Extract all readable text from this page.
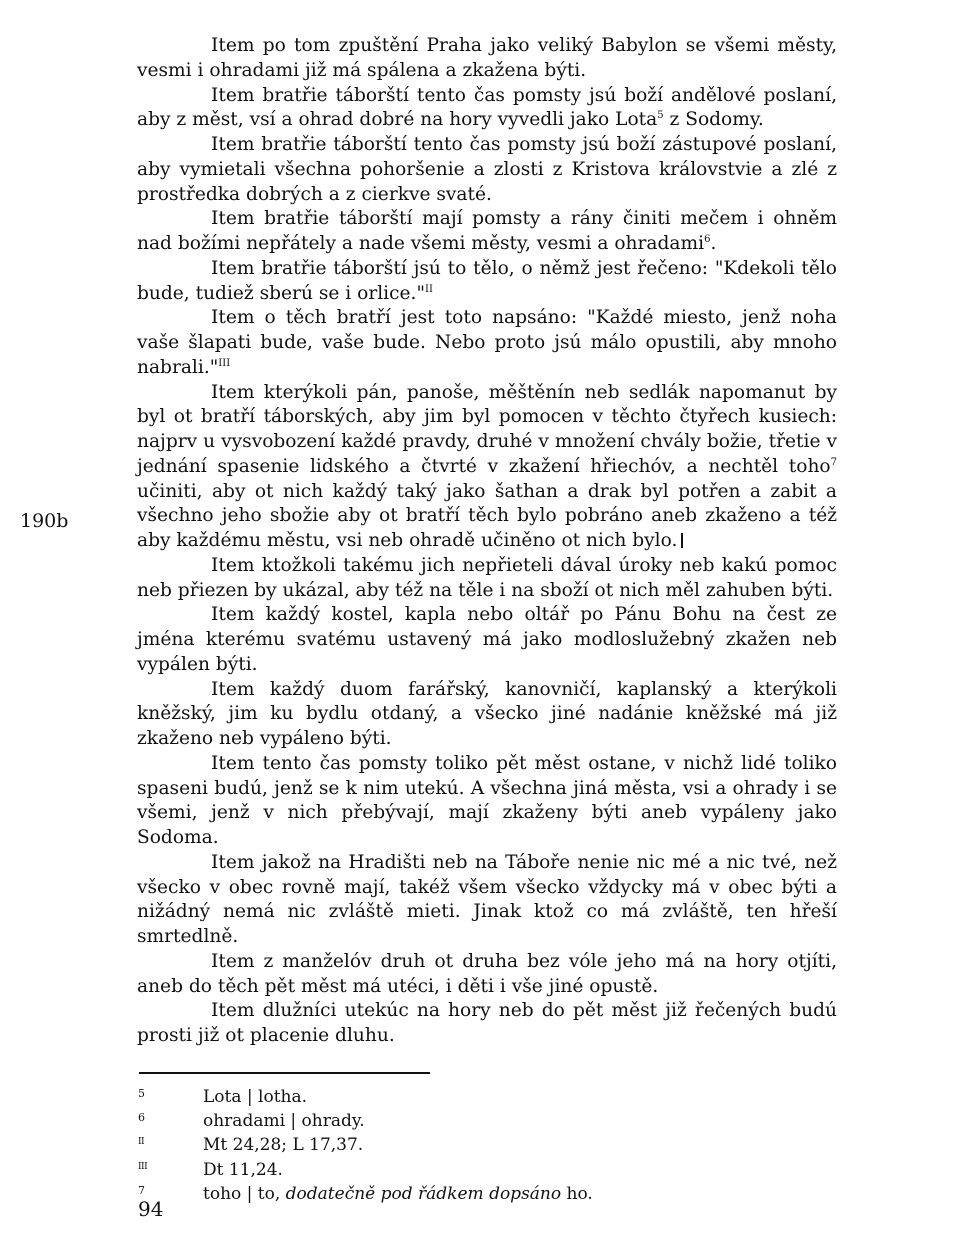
Item po tom zpuštění Praha jako veliký Babylon se všemi městy, vesmi i ohradami již má spálena a zkažena býti.

Item bratřie táborští tento čas pomsty jsú boží andělové poslaní, aby z měst, vsí a ohrad dobré na hory vyvedli jako Lota$^5$ z Sodomy.

Item bratřie táborští tento čas pomsty jsú boží zástupové poslaní, aby vymietali všechna pohoršenie a zlosti z Kristova královstvie a zlé z prostředka dobrých a z cierkve svaté.

Item bratřie táborští mají pomsty a rány činiti mečem i ohněm nad božími nepřátely a nade všemi městy, vesmi a ohradami$^6$.

Item bratřie táborští jsú to tělo, o němž jest řečeno: "Kdekoli tělo bude, tudiež sberú se i orlice."$^{II}$

Item o těch bratří jest toto napsáno: "Každé miesto, jenž noha vaše šlapati bude, vaše bude. Nebo proto jsú málo opustili, aby mnoho nabrali."$^{III}$

Item kterýkoli pán, panoše, měštěnín neb sedlák napomanut by byl ot bratří táborských, aby jim byl pomocen v těchto čtyřech kusiech: najprv u vysvobození každé pravdy, druhé v množení chvály božie, třetie v jednání spasenie lidského a čtvrté v zkažení hřiechóv, a nechtěl toho$^7$ učiniti, aby ot nich každý taký jako šathan a drak byl potřen a zabit a všechno jeho sbožie aby ot bratří těch bylo pobráno aneb zkaženo a též aby každému městu, vsi neb ohradě učiněno ot nich bylo.

Item ktožkoli takému jich nepřieteli dával úroky neb kakú pomoc neb přiezen by ukázal, aby též na těle i na sboží ot nich měl zahuben býti.

Item každý kostel, kapla nebo oltář po Pánu Bohu na čest ze jména kterému svatému ustavený má jako modloslužebný zkažen neb vypálen býti.

Item každý duom farářský, kanovničí, kaplanský a kterýkoli kněžský, jim ku bydlu otdaný, a všecko jiné nadánie kněžské má již zkaženo neb vypáleno býti.

Item tento čas pomsty toliko pět měst ostane, v nichž lidé toliko spaseni budú, jenž se k nim utekú. A všechna jiná města, vsi a ohrady i se všemi, jenž v nich přebývají, mají zkaženy býti aneb vypáleny jako Sodoma.

Item jakož na Hradišti neb na Táboře nenie nic mé a nic tvé, než všecko v obec rovně mají, takéž všem všecko vždycky má v obec býti a nižádný nemá nic zvláště mieti. Jinak ktož co má zvláště, ten hřeší smrtedlně.

Item z manželóv druh ot druha bez vóle jeho má na hory otjíti, aneb do těch pět měst má utéci, i děti i vše jiné opustě.

Item dlužníci utekúc na hory neb do pět měst již řečených budú prosti již ot placenie dluhu.

190b
5	Lota | lotha.
6	ohradami | ohrady.
II	Mt 24,28; L 17,37.
III	Dt 11,24.
7	toho | to, dodatečně pod řádkem dopsáno ho.
94
